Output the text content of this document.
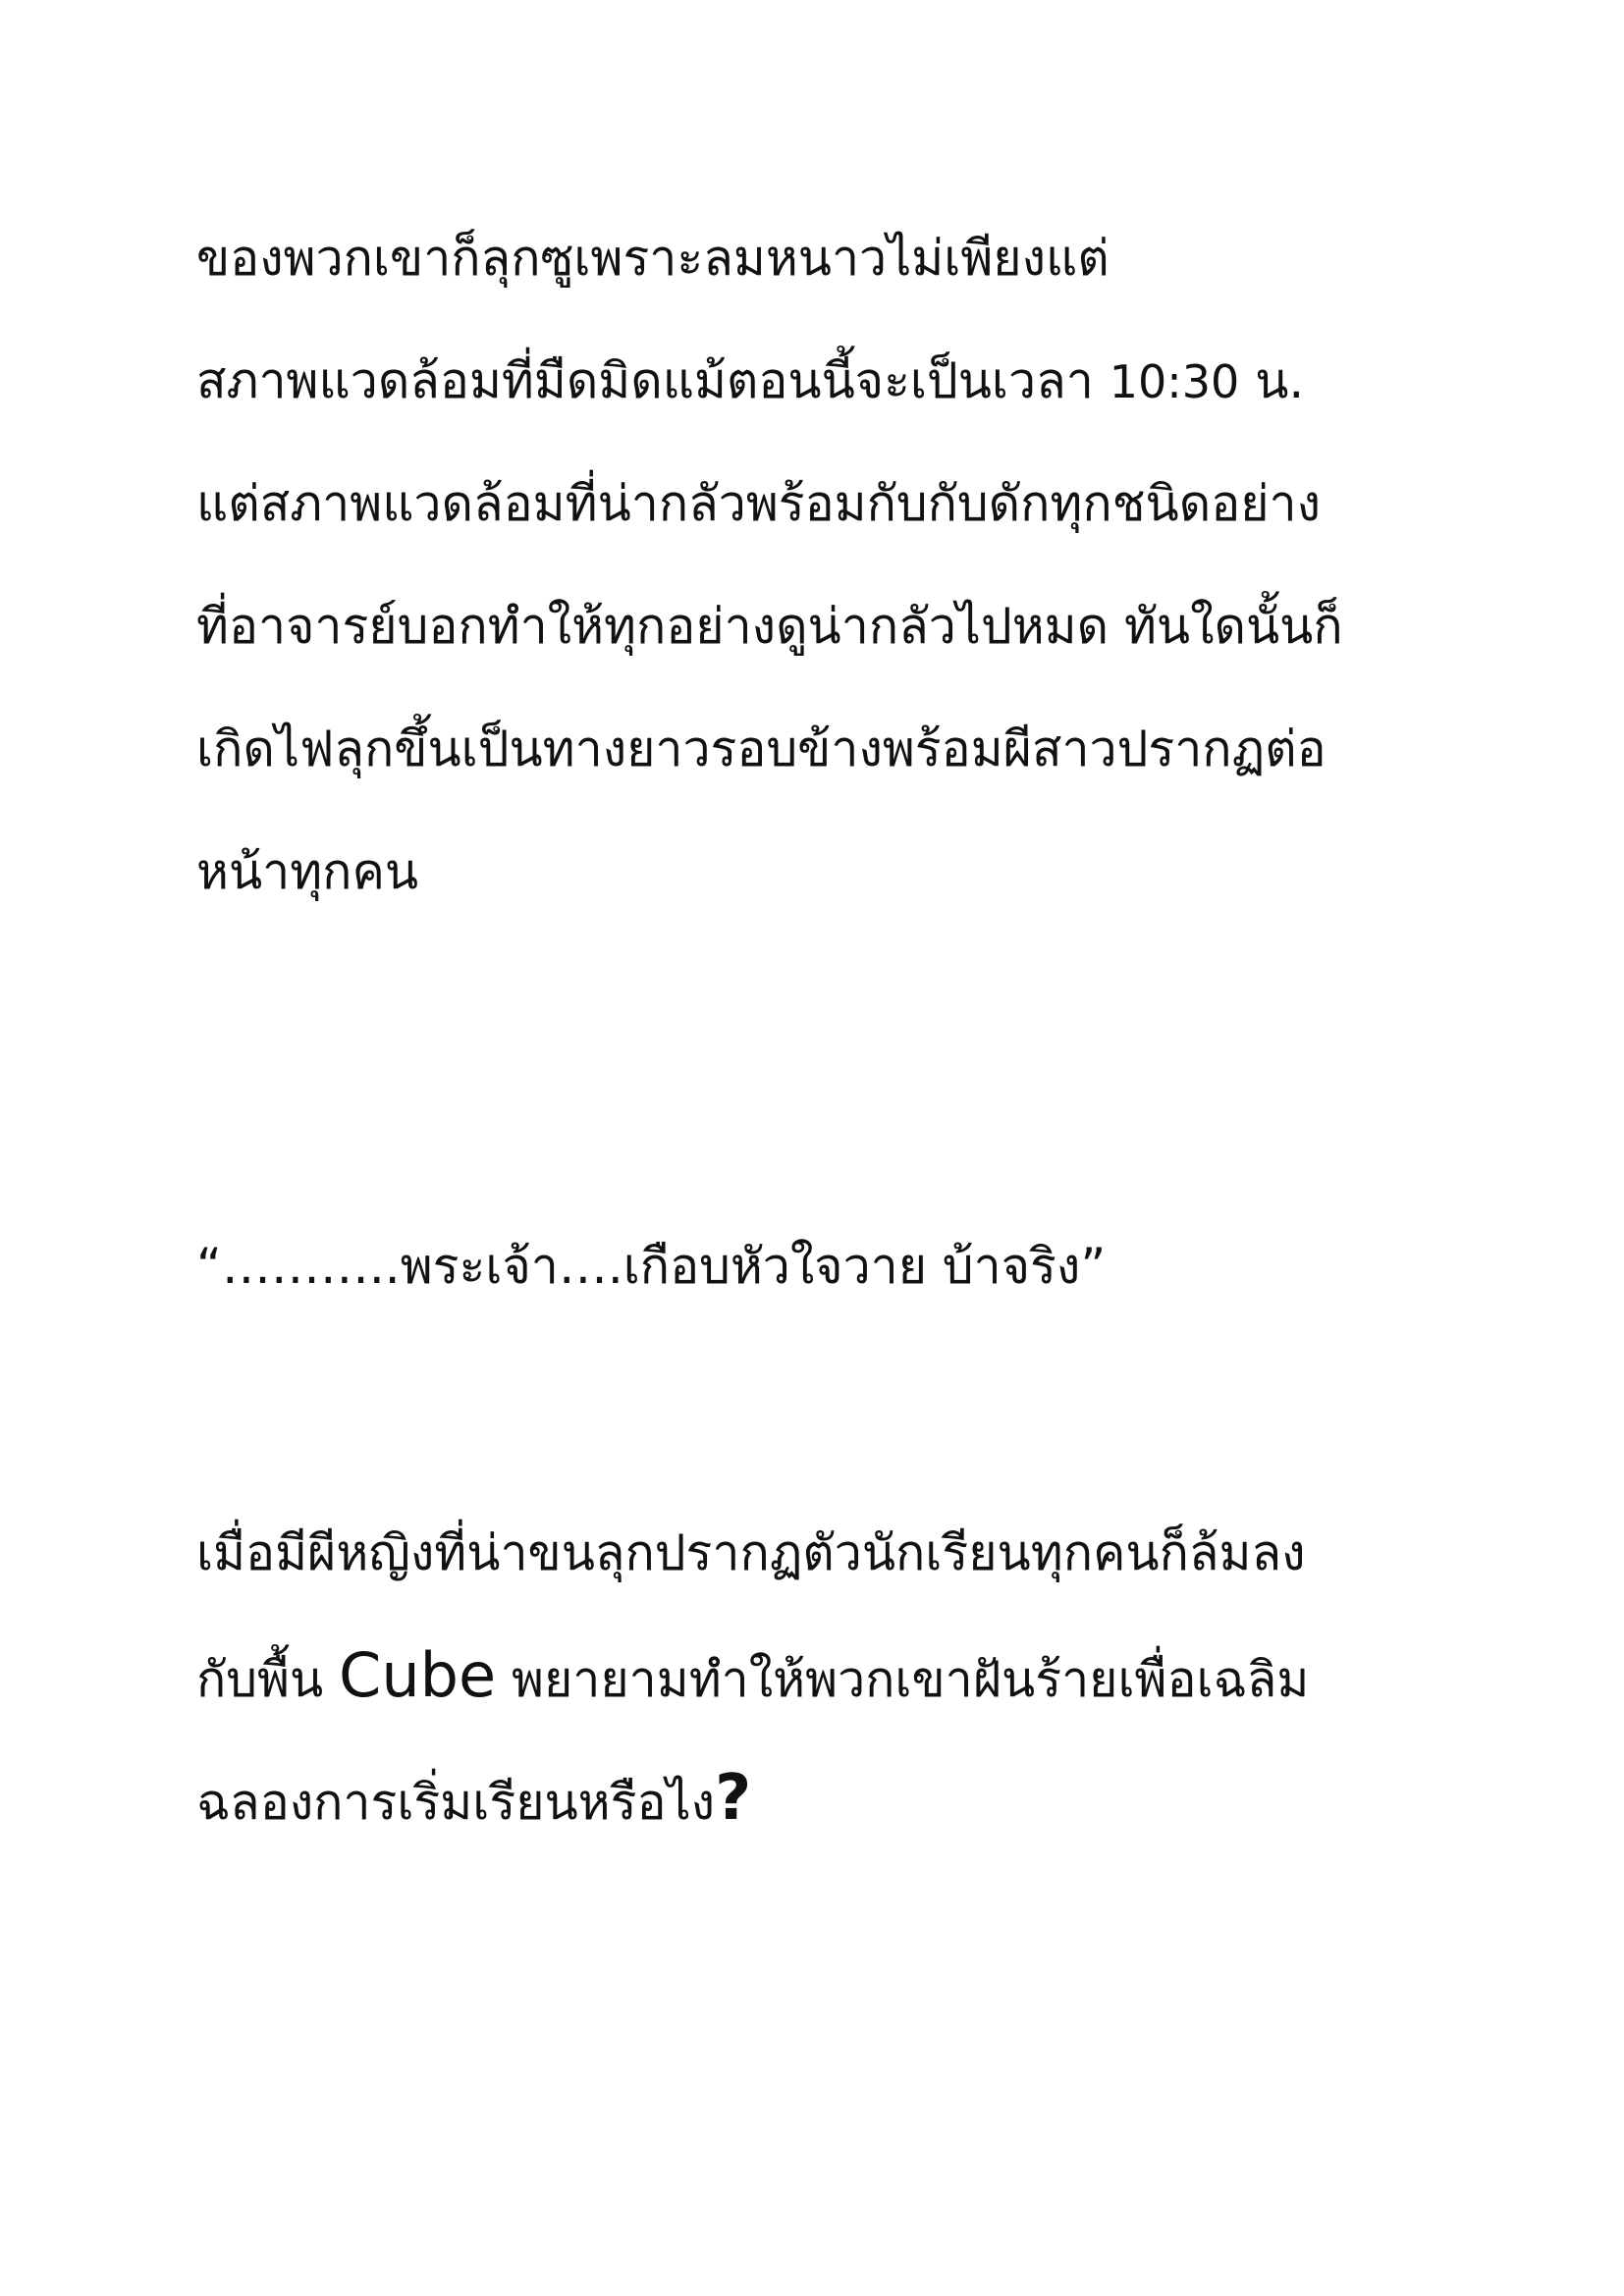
ของพวกเขาก็ลุกซูเพราะลมหนาวไม่เพียงแต่
สภาพแวดล้อมที่มืดมิดแม้ตอนนี้จะเป็นเวลา 10:30 น.
แต่สภาพแวดล้อมที่น่ากลัวพร้อมกับกับดักทุกชนิดอย่าง
ที่อาจารย์บอกทำให้ทุกอย่างดูน่ากลัวไปหมด ทันใดนั้นก็
เกิดไฟลุกขึ้นเป็นทางยาวรอบข้างพร้อมผีสาวปรากฏต่อ
หน้าทุกคน
“………..พระเจ้า….เกือบหัวใจวาย บ้าจริง”
เมื่อมีผีหญิงที่น่าขนลุกปรากฏตัวนักเรียนทุกคนก็ล้มลง
กับพื้น Cube พยายามทำให้พวกเขาฝันร้ายเพื่อเฉลิม
ฉลองการเริ่มเรียนหรือไง?
